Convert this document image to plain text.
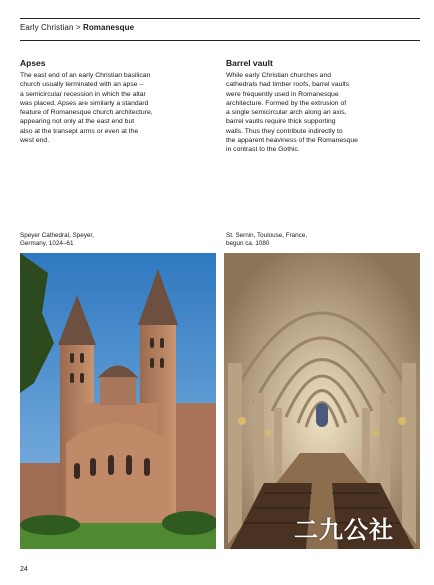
Early Christian > Romanesque
Apses

The east end of an early Christian basilican
church usually terminated with an apse –
a semicircular recession in which the altar
was placed. Apses are similarly a standard
feature of Romanesque church architecture,
appearing not only at the east end but
also at the transept arms or even at the
west end.

Barrel vault

While early Christian churches and
cathedrals had timber roofs, barrel vaults
were frequently used in Romanesque
architecture. Formed by the extrusion of
a single semicircular arch along an axis,
barrel vaults require thick supporting
walls. Thus they contribute indirectly to
the apparent heaviness of the Romanesque
in contrast to the Gothic.

Speyer Cathedral, Speyer,
Germany, 1024–61
St. Sernin, Toulouse, France,
begun ca. 1080
24
二九公社
